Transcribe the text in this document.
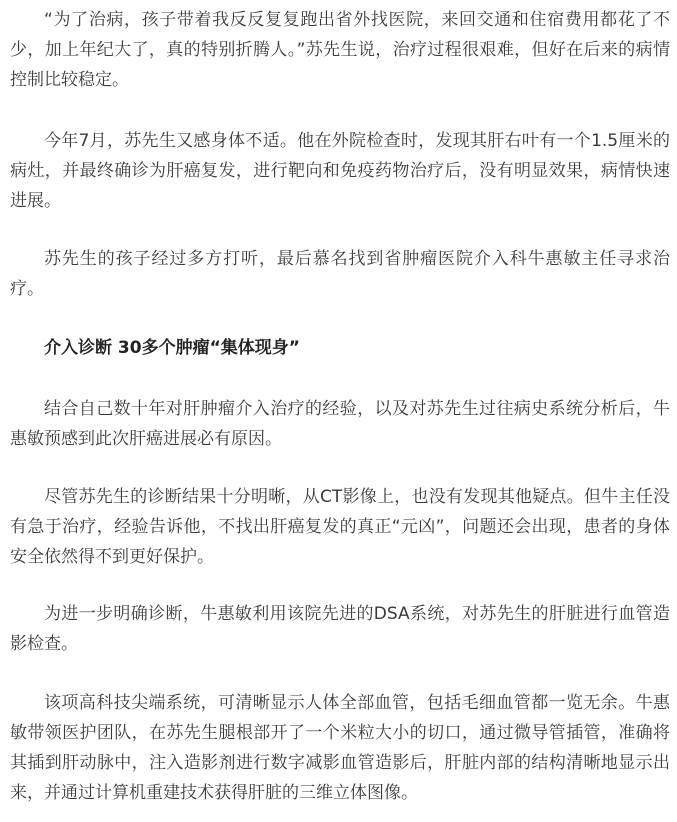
“为了治病，孩子带着我反反复复跑出省外找医院，来回交通和住宿费用都花了不少，加上年纪大了，真的特别折腾人。”苏先生说，治疗过程很艰难，但好在后来的病情控制比较稳定。

今年7月，苏先生又感身体不适。他在外院检查时，发现其肝右叶有一个1.5厘米的病灶，并最终确诊为肝癌复发，进行靶向和免疫药物治疗后，没有明显效果，病情快速进展。

苏先生的孩子经过多方打听，最后慕名找到省肿瘤医院介入科牛惠敏主任寻求治疗。

介入诊断 30多个肿瘤“集体现身”

结合自己数十年对肝肿瘤介入治疗的经验，以及对苏先生过往病史系统分析后，牛惠敏预感到此次肝癌进展必有原因。

尽管苏先生的诊断结果十分明晰，从CT影像上，也没有发现其他疑点。但牛主任没有急于治疗，经验告诉他，不找出肝癌复发的真正“元凶”，问题还会出现，患者的身体安全依然得不到更好保护。

为进一步明确诊断，牛惠敏利用该院先进的DSA系统，对苏先生的肝脏进行血管造影检查。

该项高科技尖端系统，可清晰显示人体全部血管，包括毛细血管都一览无余。牛惠敏带领医护团队，在苏先生腿根部开了一个米粒大小的切口，通过微导管插管，准确将其插到肝动脉中，注入造影剂进行数字减影血管造影后，肝脏内部的结构清晰地显示出来，并通过计算机重建技术获得肝脏的三维立体图像。
